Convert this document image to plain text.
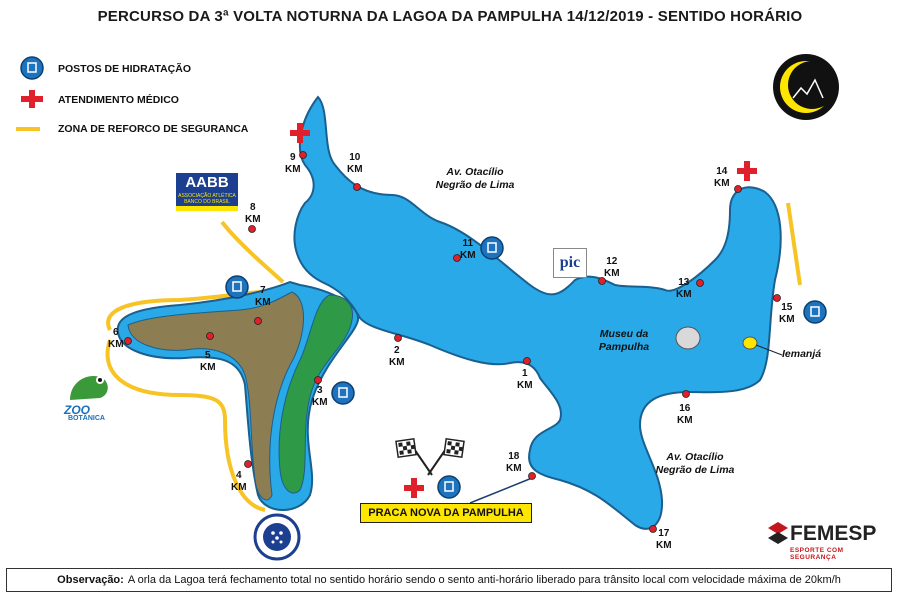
PERCURSO DA 3ª VOLTA NOTURNA DA LAGOA DA PAMPULHA 14/12/2019 - SENTIDO HORÁRIO
POSTOS DE HIDRATAÇÃO
ATENDIMENTO MÉDICO
ZONA DE REFORCO DE SEGURANCA
1
KM
2
KM
3
KM
4
KM
5
KM
6
KM
7
KM
8
KM
9
KM
10
KM
11
KM
12
KM
13
KM
14
KM
15
KM
16
KM
17
KM
18
KM
Av. Otacílio
Negrão de Lima
Av. Otacílio
Negrão de Lima
Museu da
Pampulha
Iemanjá
PRACA NOVA DA PAMPULHA
AABB
ASSOCIAÇÃO ATLÉTICA
BANCO DO BRASIL
pic
ZOO
BOTÂNICA
FEMESP
ESPORTE COM SEGURANÇA
Observação: A orla da Lagoa terá fechamento total no sentido horário sendo o sento anti-horário liberado para trânsito local com velocidade máxima de 20km/h
